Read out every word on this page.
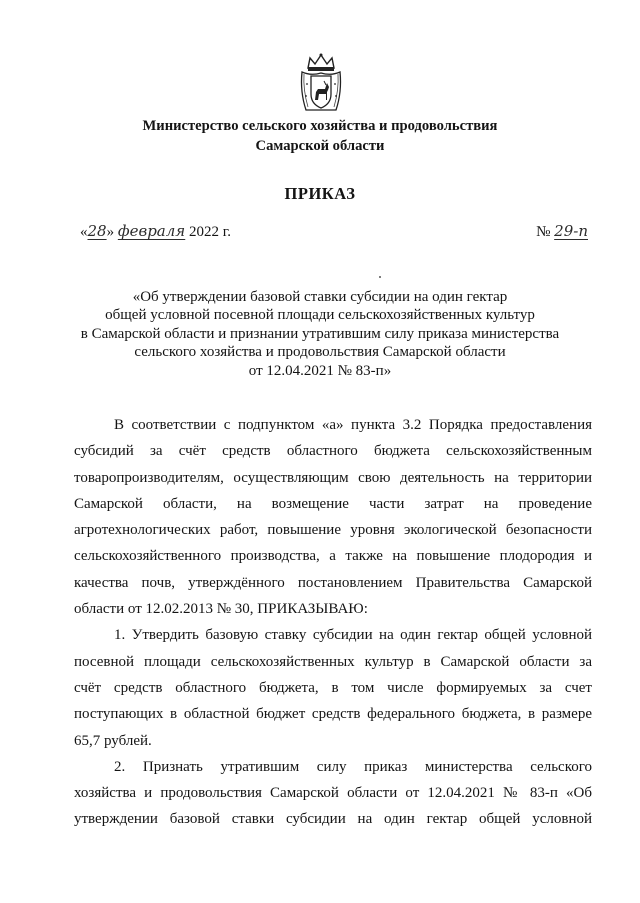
Министерство сельского хозяйства и продовольствия
Самарской области
ПРИКАЗ
«28» февраля 2022 г.	№ 29-п
«Об утверждении базовой ставки субсидии на один гектар
общей условной посевной площади сельскохозяйственных культур
в Самарской области и признании утратившим силу приказа министерства
сельского хозяйства и продовольствия Самарской области
от 12.04.2021 № 83-п»
В соответствии с подпунктом «а» пункта 3.2 Порядка предоставления
субсидий за счёт средств областного бюджета сельскохозяйственным
товаропроизводителям, осуществляющим свою деятельность на территории
Самарской области, на возмещение части затрат на проведение
агротехнологических работ, повышение уровня экологической безопасности
сельскохозяйственного производства, а также на повышение плодородия и
качества почв, утверждённого постановлением Правительства Самарской
области от 12.02.2013 № 30, ПРИКАЗЫВАЮ:
1. Утвердить базовую ставку субсидии на один гектар общей условной
посевной площади сельскохозяйственных культур в Самарской области за
счёт средств областного бюджета, в том числе формируемых за счет
поступающих в областной бюджет средств федерального бюджета, в размере
65,7 рублей.
2. Признать утратившим силу приказ министерства сельского
хозяйства и продовольствия Самарской области от 12.04.2021 № 83-п «Об
утверждении базовой ставки субсидии на один гектар общей условной
